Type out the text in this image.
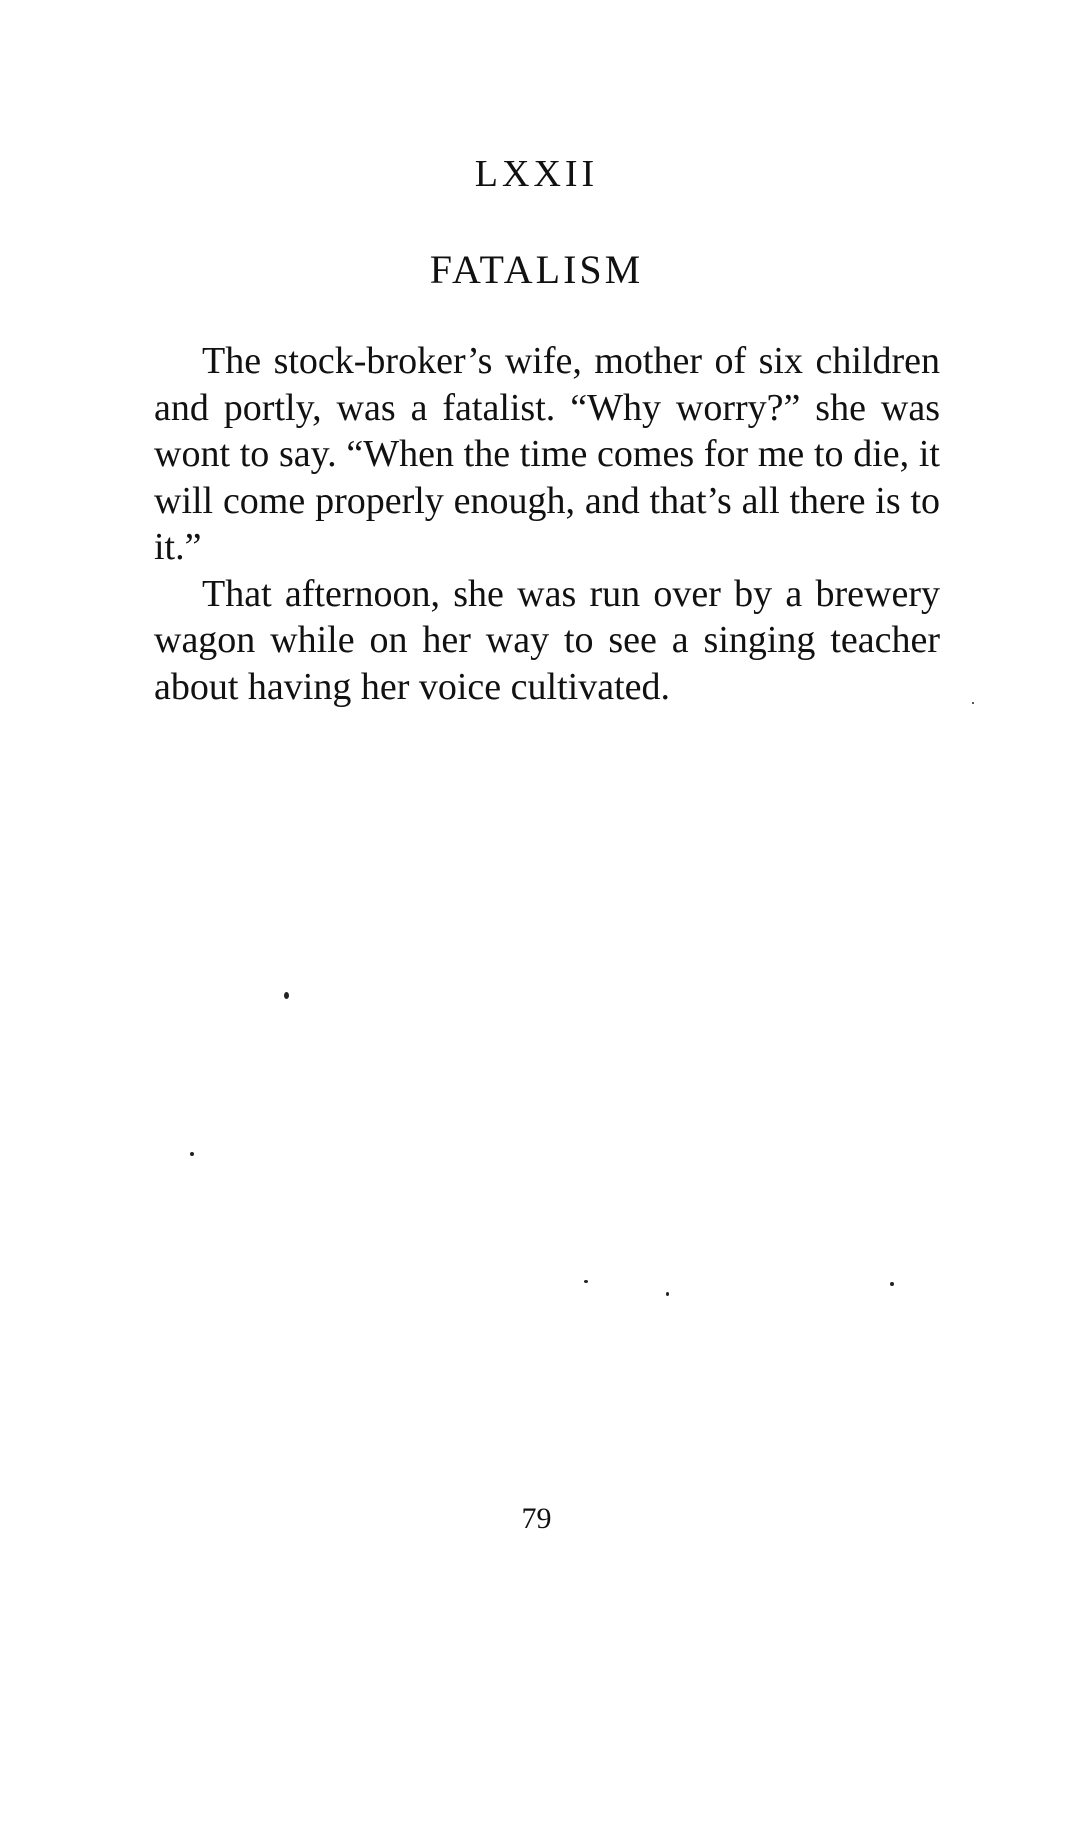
LXXII
FATALISM

The stock-broker’s wife, mother of six children and portly, was a fatalist. “Why worry?” she was wont to say. “When the time comes for me to die, it will come properly enough, and that’s all there is to it.”

That afternoon, she was run over by a brewery wagon while on her way to see a singing teacher about having her voice cultivated.

79
